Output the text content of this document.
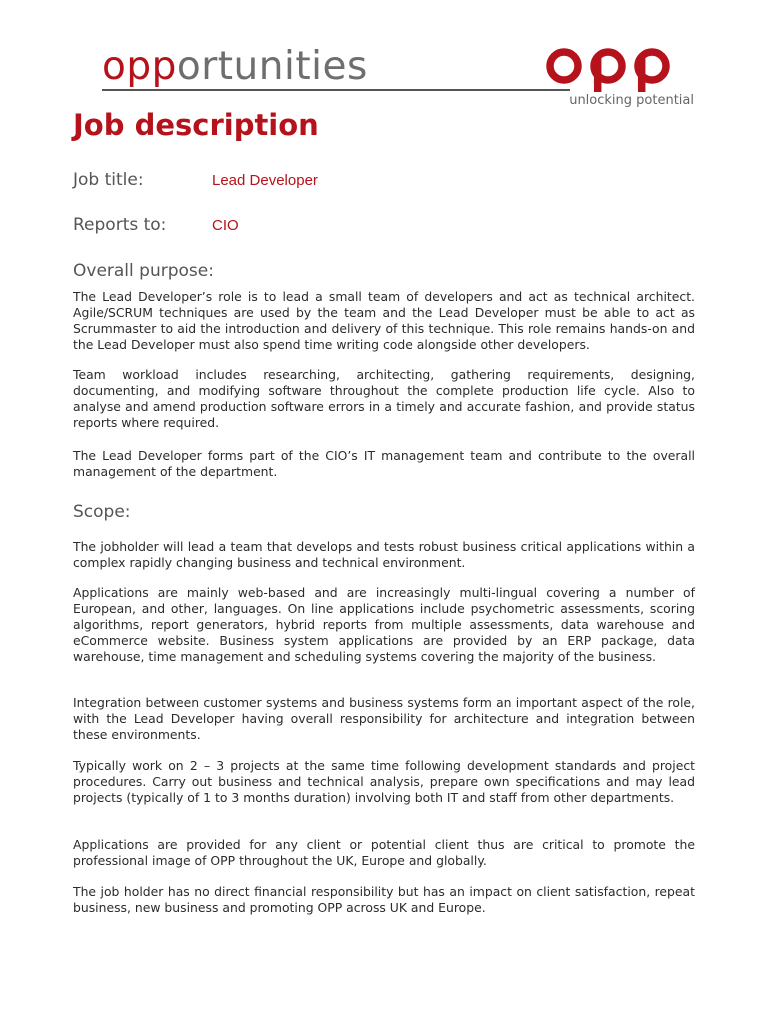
opportunities
unlocking potential
Job description
Job title:	Lead Developer
Reports to:	CIO
Overall purpose:

The Lead Developer’s role is to lead a small team of developers and act as technical architect. Agile/SCRUM techniques are used by the team and the Lead Developer must be able to act as Scrummaster to aid the introduction and delivery of this technique. This role remains hands-on and the Lead Developer must also spend time writing code alongside other developers.

Team workload includes researching, architecting, gathering requirements, designing, documenting, and modifying software throughout the complete production life cycle. Also to analyse and amend production software errors in a timely and accurate fashion, and provide status reports where required.

The Lead Developer forms part of the CIO’s IT management team and contribute to the overall management of the department.

Scope:

The jobholder will lead a team that develops and tests robust business critical applications within a complex rapidly changing business and technical environment.

Applications are mainly web-based and are increasingly multi-lingual covering a number of European, and other, languages. On line applications include psychometric assessments, scoring algorithms, report generators, hybrid reports from multiple assessments, data warehouse and eCommerce website. Business system applications are provided by an ERP package, data warehouse, time management and scheduling systems covering the majority of the business.

Integration between customer systems and business systems form an important aspect of the role, with the Lead Developer having overall responsibility for architecture and integration between these environments.

Typically work on 2 – 3 projects at the same time following development standards and project procedures. Carry out business and technical analysis, prepare own specifications and may lead projects (typically of 1 to 3 months duration) involving both IT and staff from other departments.

Applications are provided for any client or potential client thus are critical to promote the professional image of OPP throughout the UK, Europe and globally.

The job holder has no direct financial responsibility but has an impact on client satisfaction, repeat business, new business and promoting OPP across UK and Europe.
